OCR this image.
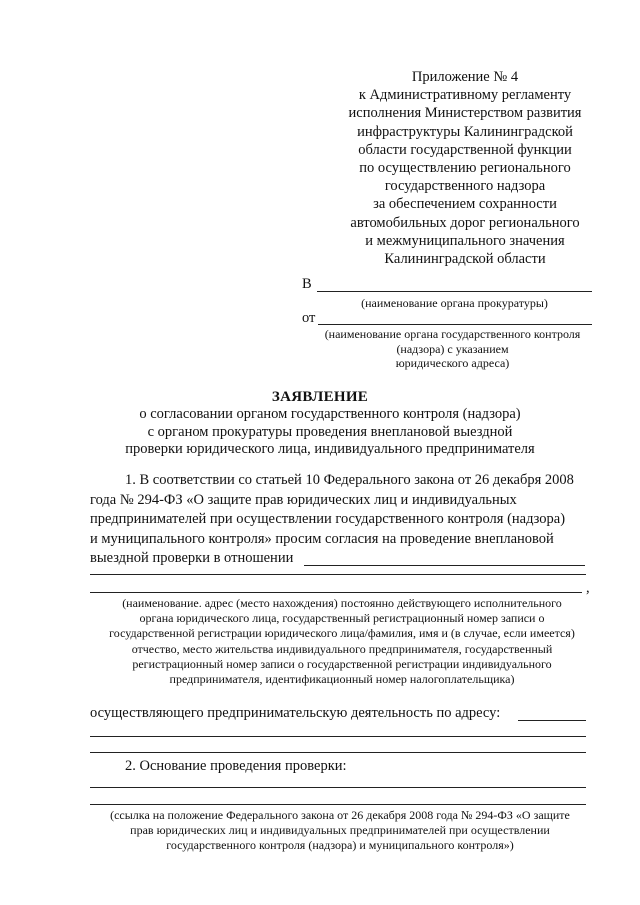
Приложение № 4
к Административному регламенту
исполнения Министерством развития
инфраструктуры Калининградской
области государственной функции
по осуществлению регионального
государственного надзора
за обеспечением сохранности
автомобильных дорог регионального
и межмуниципального значения
Калининградской области
В
(наименование органа прокуратуры)
от
(наименование органа государственного контроля
(надзора) с указанием
юридического адреса)
ЗАЯВЛЕНИЕ
о согласовании органом государственного контроля (надзора)
с органом прокуратуры проведения внеплановой выездной
проверки юридического лица, индивидуального предпринимателя
1. В соответствии со статьей 10 Федерального закона от 26 декабря 2008
года № 294-ФЗ «О защите прав юридических лиц и индивидуальных
предпринимателей при осуществлении государственного контроля (надзора)
и муниципального контроля» просим согласия на проведение внеплановой
выездной проверки в отношении
,
(наименование. адрес (место нахождения) постоянно действующего исполнительного
органа юридического лица, государственный регистрационный номер записи о
государственной регистрации юридического лица/фамилия, имя и (в случае, если имеется)
отчество, место жительства индивидуального предпринимателя, государственный
регистрационный номер записи о государственной регистрации индивидуального
предпринимателя, идентификационный номер налогоплательщика)
осуществляющего предпринимательскую деятельность по адресу:
2. Основание проведения проверки:
(ссылка на положение Федерального закона от 26 декабря 2008 года № 294-ФЗ «О защите
прав юридических лиц и индивидуальных предпринимателей при осуществлении
государственного контроля (надзора) и муниципального контроля»)
